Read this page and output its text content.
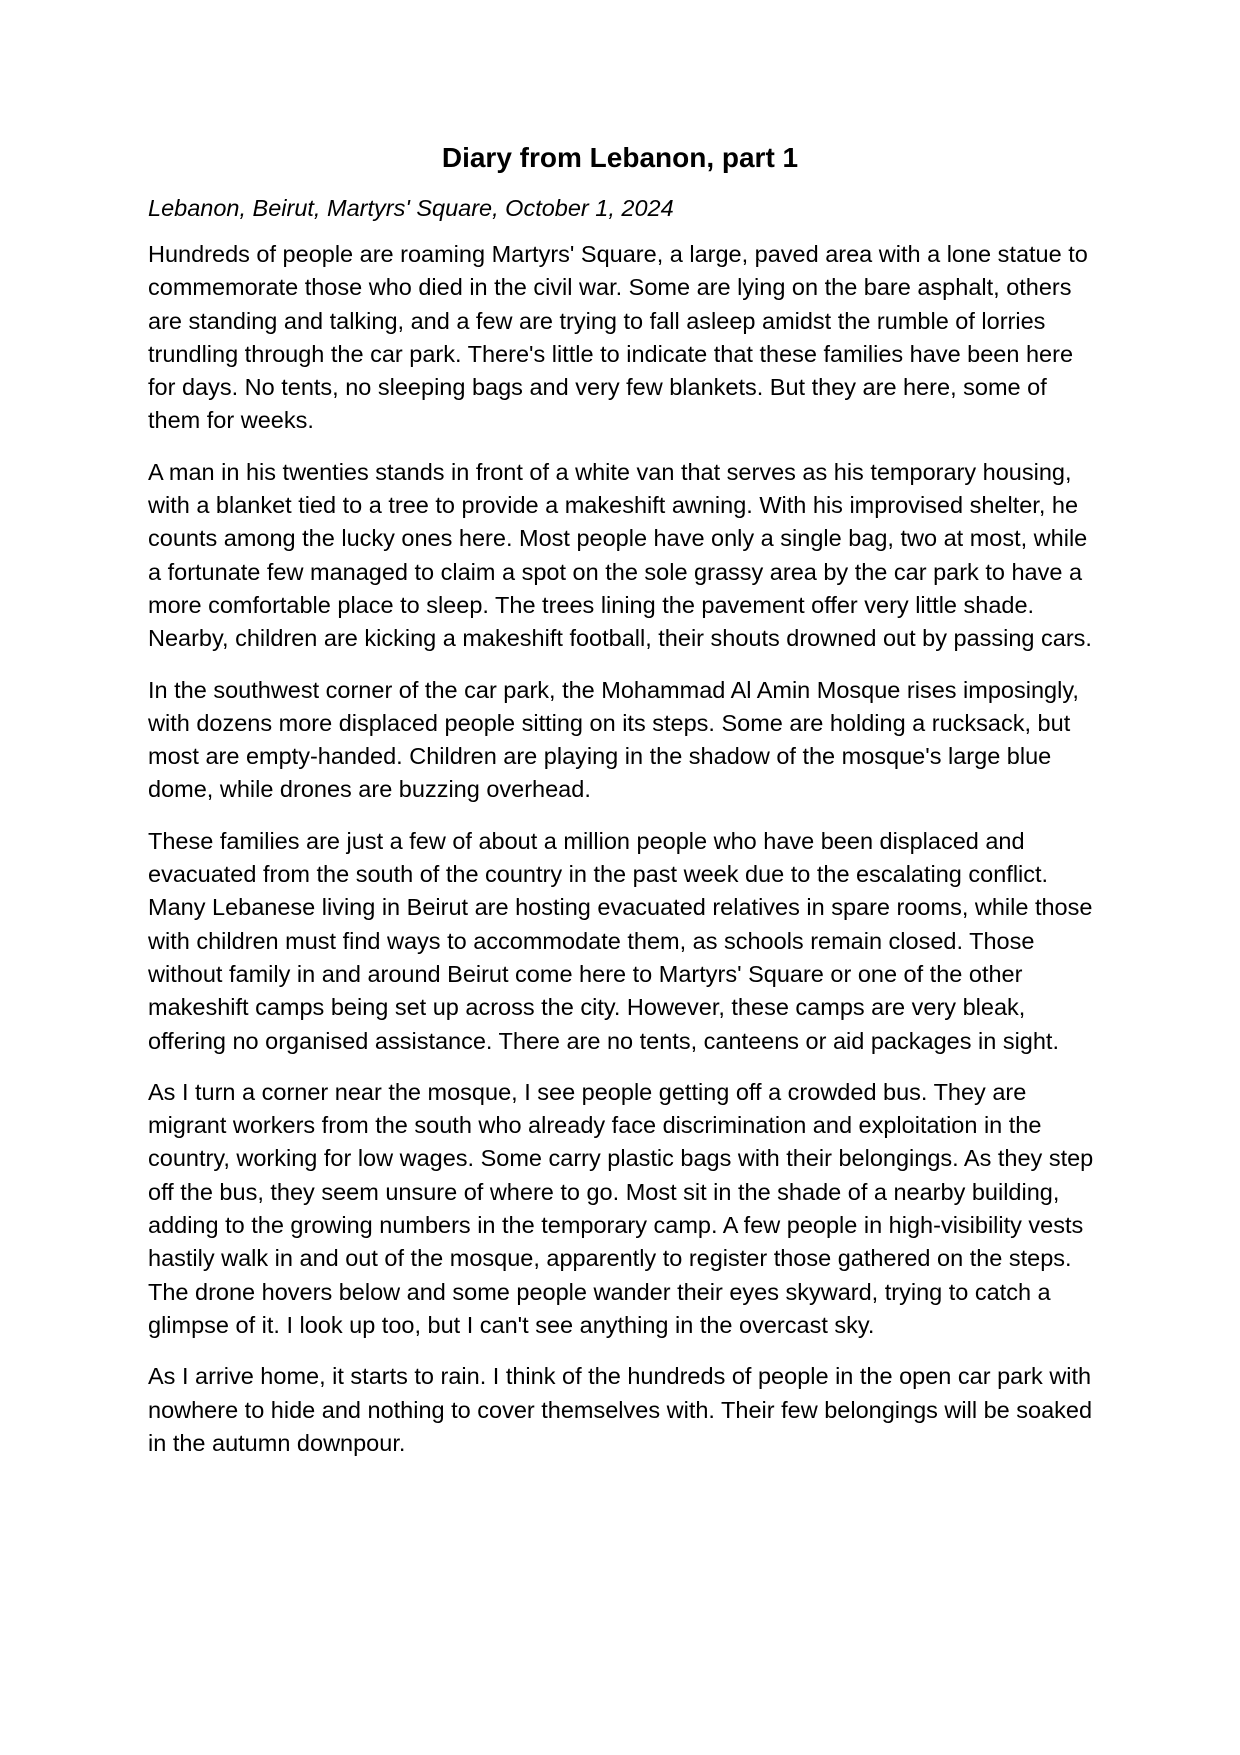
Diary from Lebanon, part 1

Lebanon, Beirut, Martyrs' Square, October 1, 2024

Hundreds of people are roaming Martyrs' Square, a large, paved area with a lone statue to commemorate those who died in the civil war. Some are lying on the bare asphalt, others are standing and talking, and a few are trying to fall asleep amidst the rumble of lorries trundling through the car park. There's little to indicate that these families have been here for days. No tents, no sleeping bags and very few blankets. But they are here, some of them for weeks.

A man in his twenties stands in front of a white van that serves as his temporary housing, with a blanket tied to a tree to provide a makeshift awning. With his improvised shelter, he counts among the lucky ones here. Most people have only a single bag, two at most, while a fortunate few managed to claim a spot on the sole grassy area by the car park to have a more comfortable place to sleep. The trees lining the pavement offer very little shade. Nearby, children are kicking a makeshift football, their shouts drowned out by passing cars.

In the southwest corner of the car park, the Mohammad Al Amin Mosque rises imposingly, with dozens more displaced people sitting on its steps. Some are holding a rucksack, but most are empty-handed. Children are playing in the shadow of the mosque's large blue dome, while drones are buzzing overhead.

These families are just a few of about a million people who have been displaced and evacuated from the south of the country in the past week due to the escalating conflict. Many Lebanese living in Beirut are hosting evacuated relatives in spare rooms, while those with children must find ways to accommodate them, as schools remain closed. Those without family in and around Beirut come here to Martyrs' Square or one of the other makeshift camps being set up across the city. However, these camps are very bleak, offering no organised assistance. There are no tents, canteens or aid packages in sight.

As I turn a corner near the mosque, I see people getting off a crowded bus. They are migrant workers from the south who already face discrimination and exploitation in the country, working for low wages. Some carry plastic bags with their belongings. As they step off the bus, they seem unsure of where to go. Most sit in the shade of a nearby building, adding to the growing numbers in the temporary camp. A few people in high-visibility vests hastily walk in and out of the mosque, apparently to register those gathered on the steps. The drone hovers below and some people wander their eyes skyward, trying to catch a glimpse of it. I look up too, but I can't see anything in the overcast sky.

As I arrive home, it starts to rain. I think of the hundreds of people in the open car park with nowhere to hide and nothing to cover themselves with. Their few belongings will be soaked in the autumn downpour.
